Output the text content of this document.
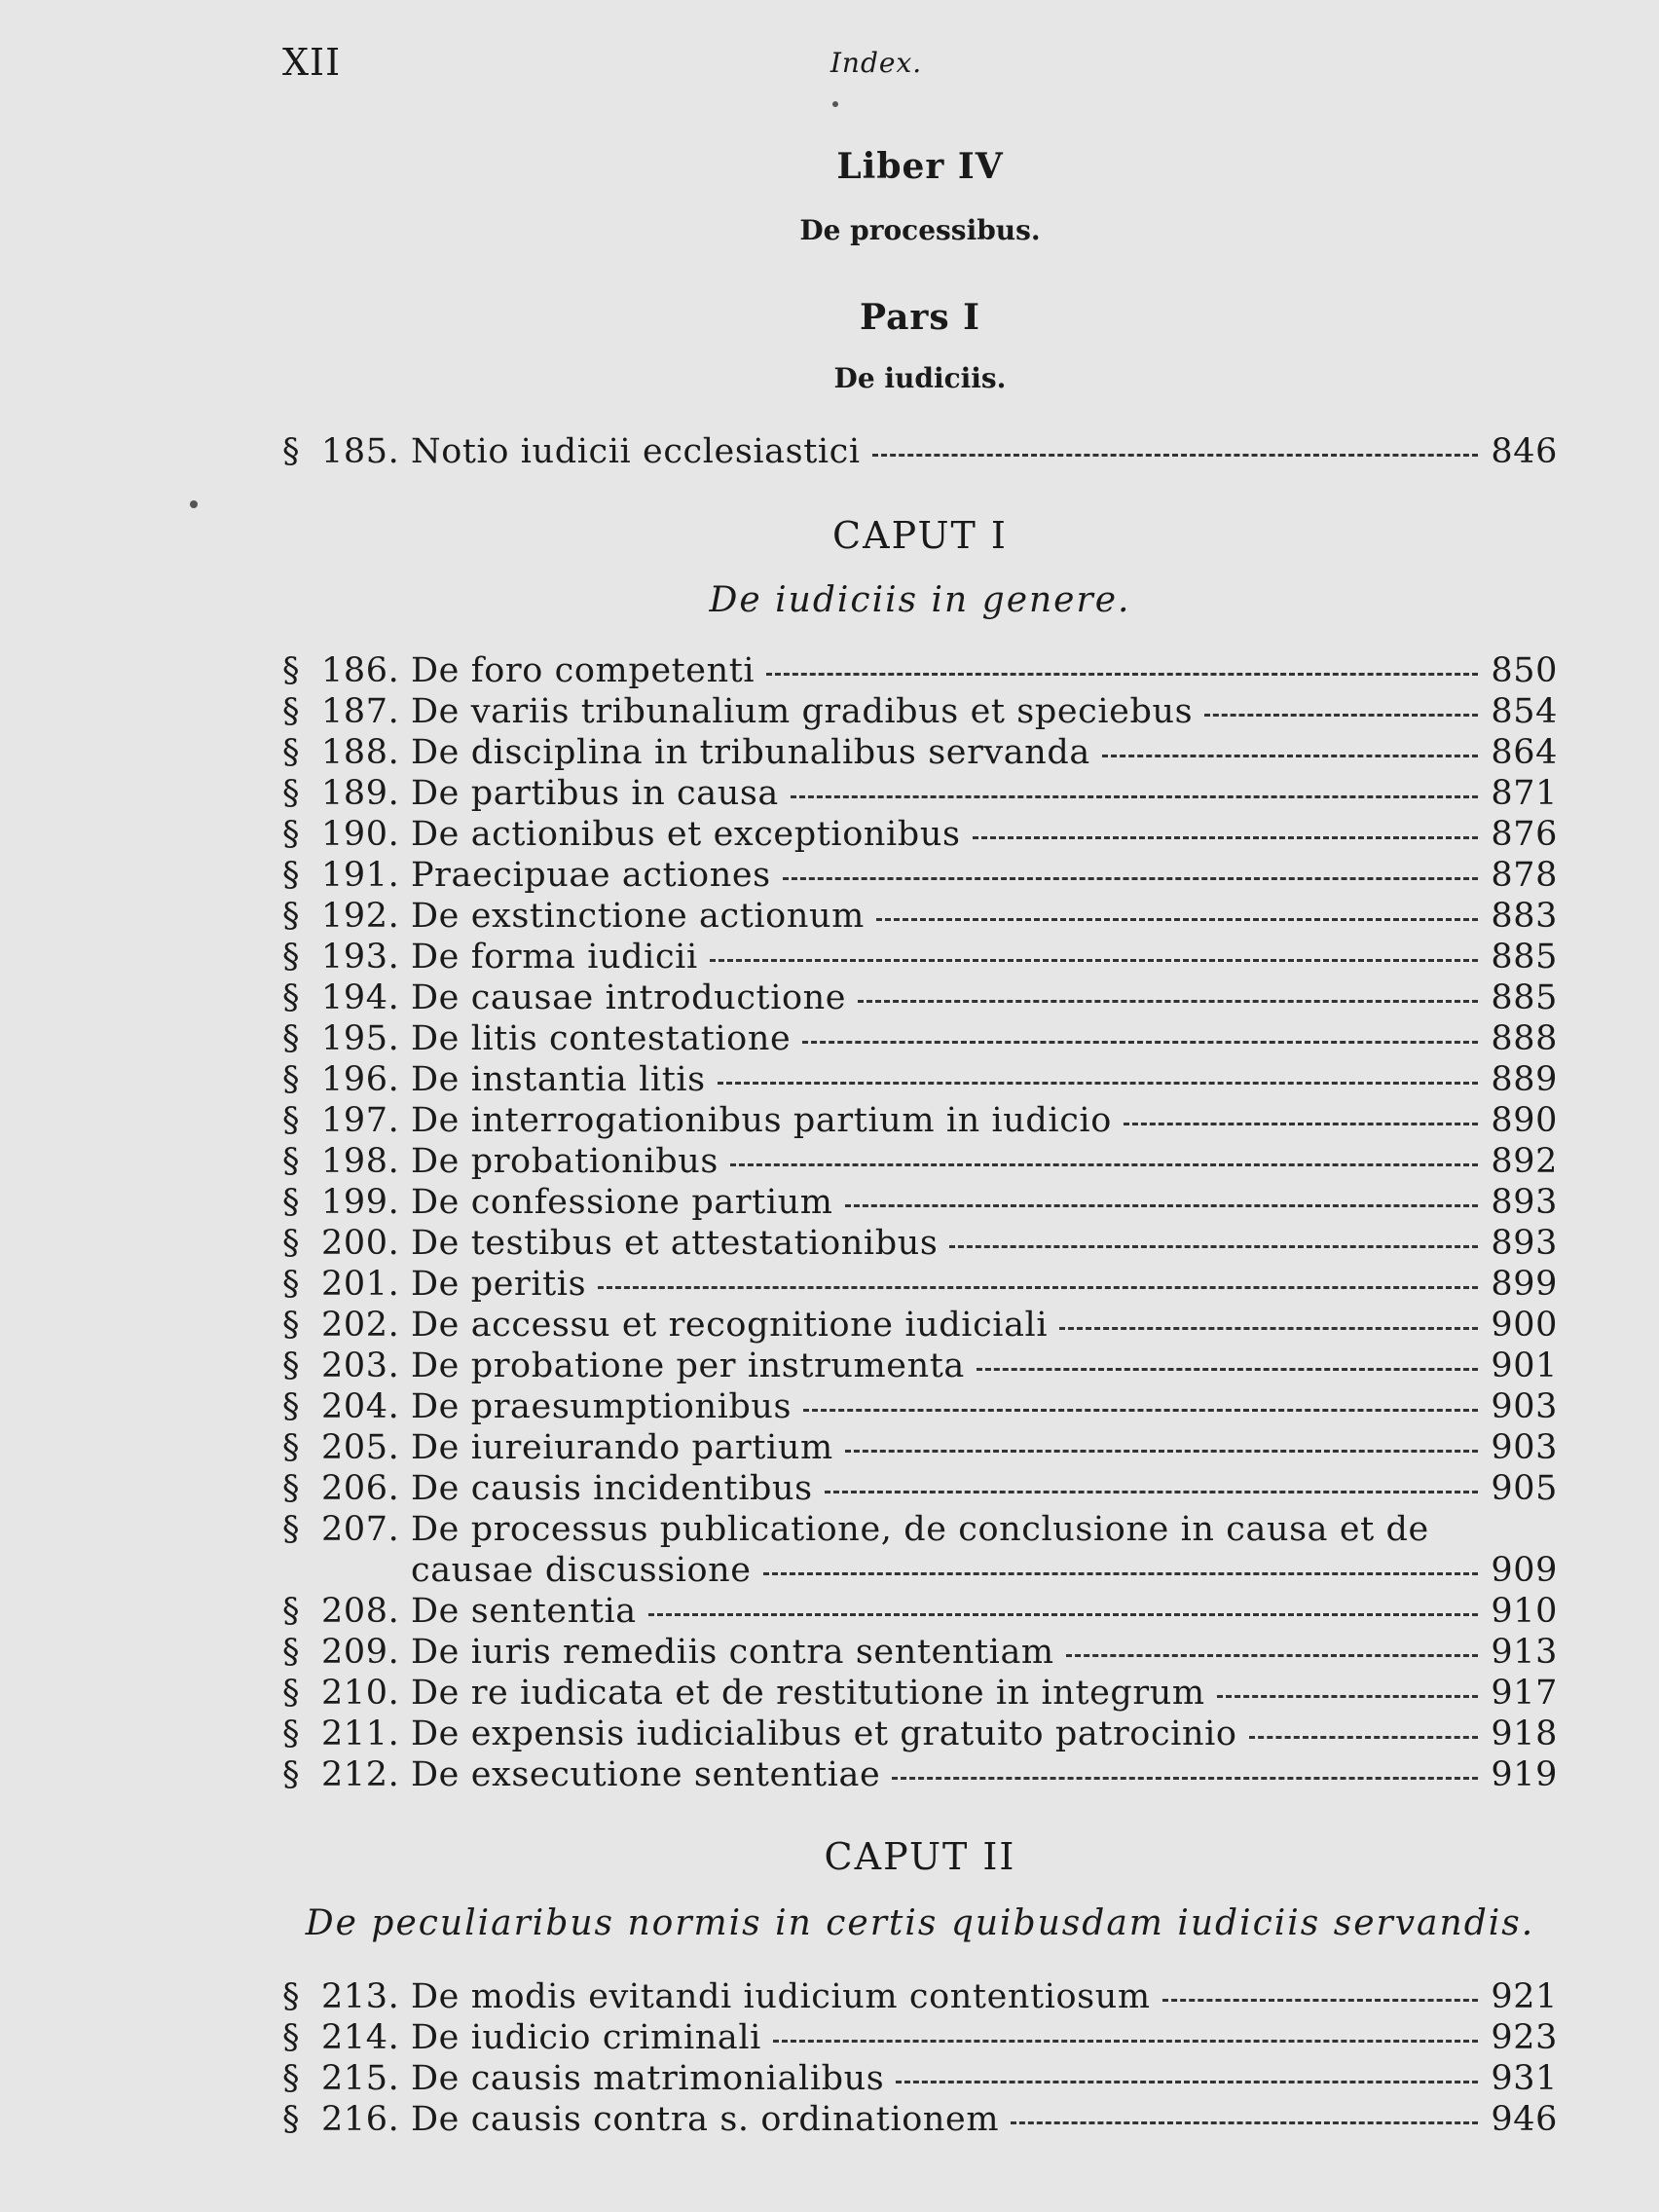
XII	Index.
Liber IV
De processibus.
Pars I
De iudiciis.
§ 185. Notio iudicii ecclesiastici	846
CAPUT I
De iudiciis in genere.
§ 186. De foro competenti	850
§ 187. De variis tribunalium gradibus et speciebus	854
§ 188. De disciplina in tribunalibus servanda	864
§ 189. De partibus in causa	871
§ 190. De actionibus et exceptionibus	876
§ 191. Praecipuae actiones	878
§ 192. De exstinctione actionum	883
§ 193. De forma iudicii	885
§ 194. De causae introductione	885
§ 195. De litis contestatione	888
§ 196. De instantia litis	889
§ 197. De interrogationibus partium in iudicio	890
§ 198. De probationibus	892
§ 199. De confessione partium	893
§ 200. De testibus et attestationibus	893
§ 201. De peritis	899
§ 202. De accessu et recognitione iudiciali	900
§ 203. De probatione per instrumenta	901
§ 204. De praesumptionibus	903
§ 205. De iureiurando partium	903
§ 206. De causis incidentibus	905
§ 207. De processus publicatione, de conclusione in causa et de
causae discussione	909
§ 208. De sententia	910
§ 209. De iuris remediis contra sententiam	913
§ 210. De re iudicata et de restitutione in integrum	917
§ 211. De expensis iudicialibus et gratuito patrocinio	918
§ 212. De exsecutione sententiae	919
CAPUT II
De peculiaribus normis in certis quibusdam iudiciis servandis.
§ 213. De modis evitandi iudicium contentiosum	921
§ 214. De iudicio criminali	923
§ 215. De causis matrimonialibus	931
§ 216. De causis contra s. ordinationem	946
